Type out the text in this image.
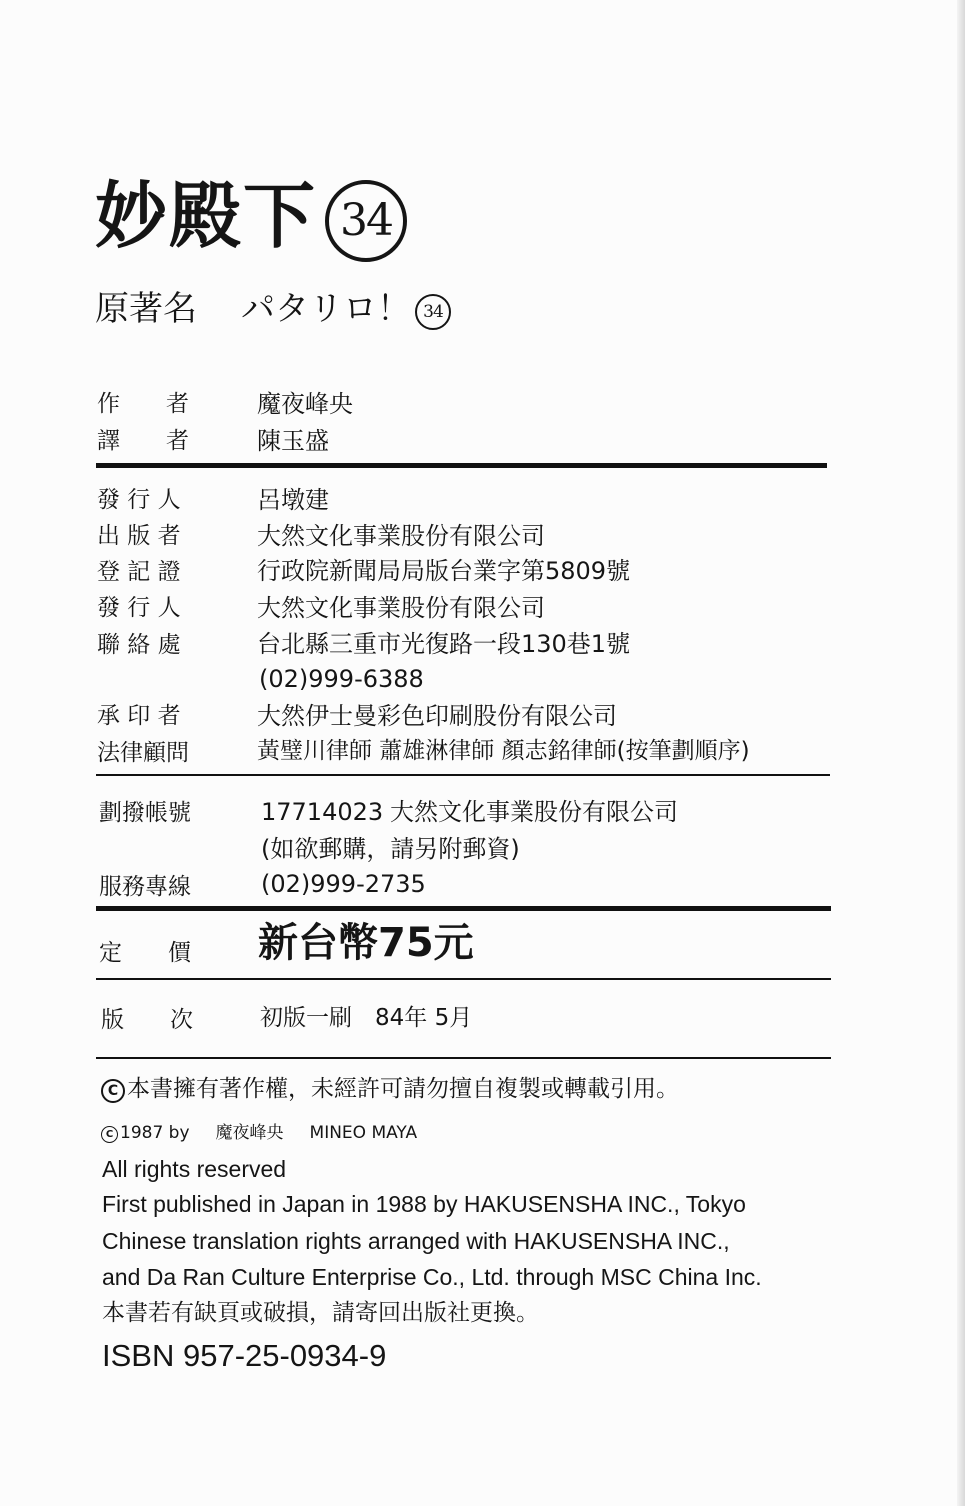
妙殿下 34
原著名 パタリロ！ 34
作　　者	魔夜峰央
譯　　者	陳玉盛
發 行 人	呂墩建
出 版 者	大然文化事業股份有限公司
登 記 證	行政院新聞局局版台業字第5809號
發 行 人	大然文化事業股份有限公司
聯 絡 處	台北縣三重市光復路一段130巷1號
(02)999-6388
承 印 者	大然伊士曼彩色印刷股份有限公司
法律顧問	黃璧川律師 蕭雄淋律師 顏志銘律師(按筆劃順序)
劃撥帳號	17714023 大然文化事業股份有限公司
(如欲郵購，請另附郵資)
服務專線	(02)999-2735
定　　價 新台幣75元
版　　次	初版一刷　84年 5月
C 本書擁有著作權，未經許可請勿擅自複製或轉載引用。
C 1987 by 魔夜峰央 MINEO MAYA
All rights reserved
First published in Japan in 1988 by HAKUSENSHA INC., Tokyo
Chinese translation rights arranged with HAKUSENSHA INC.,
and Da Ran Culture Enterprise Co., Ltd. through MSC China Inc.
本書若有缺頁或破損，請寄回出版社更換。
ISBN 957-25-0934-9
